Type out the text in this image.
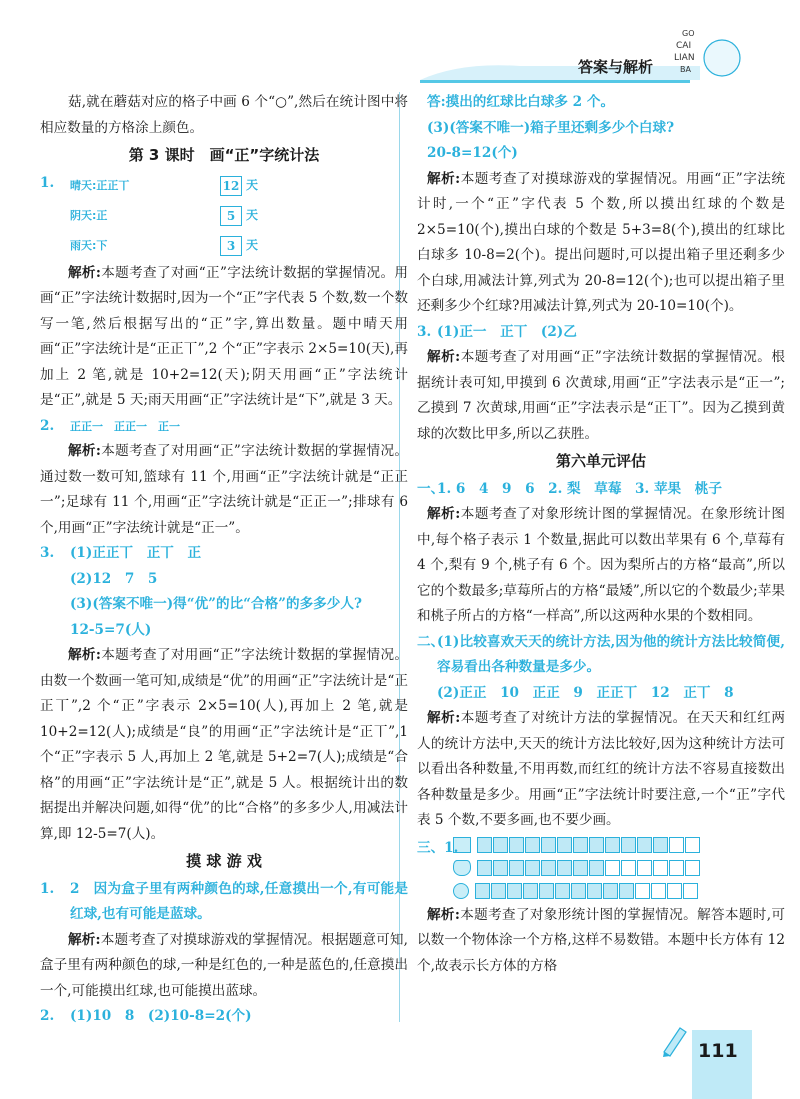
答案与解析
GO
CAI
LIAN
BA

菇,就在蘑菇对应的格子中画 6 个“○”,然后在统计图中将相应数量的方格涂上颜色。

第 3 课时　画“正”字统计法
1. 晴天:正正丅	12 天
阴天:正	5 天
雨天:下	3 天

解析:本题考查了对画“正”字法统计数据的掌握情况。用画“正”字法统计数据时,因为一个“正”字代表 5 个数,数一个数写一笔,然后根据写出的“正”字,算出数量。题中晴天用画“正”字法统计是“正正丅”,2 个“正”字表示 2×5=10(天),再加上 2 笔,就是 10+2=12(天);阴天用画“正”字法统计是“正”,就是 5 天;雨天用画“正”字法统计是“下”,就是 3 天。

2. 正正一　正正一　正一

解析:本题考查了对用画“正”字法统计数据的掌握情况。通过数一数可知,篮球有 11 个,用画“正”字法统计就是“正正一”;足球有 11 个,用画“正”字法统计就是“正正一”;排球有 6 个,用画“正”字法统计就是“正一”。

3. (1)正正丅　正丅　正

(2)12　7　5

(3)(答案不唯一)得“优”的比“合格”的多多少人?

12-5=7(人)

解析:本题考查了对用画“正”字法统计数据的掌握情况。由数一个数画一笔可知,成绩是“优”的用画“正”字法统计是“正正丅”,2 个“正”字表示 2×5=10(人),再加上 2 笔,就是 10+2=12(人);成绩是“良”的用画“正”字法统计是“正丅”,1 个“正”字表示 5 人,再加上 2 笔,就是 5+2=7(人);成绩是“合格”的用画“正”字法统计是“正”,就是 5 人。根据统计出的数据提出并解决问题,如得“优”的比“合格”的多多少人,用减法计算,即 12-5=7(人)。

摸 球 游 戏

1. 2　因为盒子里有两种颜色的球,任意摸出一个,有可能是红球,也有可能是蓝球。

解析:本题考查了对摸球游戏的掌握情况。根据题意可知,盒子里有两种颜色的球,一种是红色的,一种是蓝色的,任意摸出一个,可能摸出红球,也可能摸出蓝球。

2. (1)10　8　(2)10-8=2(个)

答:摸出的红球比白球多 2 个。

(3)(答案不唯一)箱子里还剩多少个白球?

20-8=12(个)

解析:本题考查了对摸球游戏的掌握情况。用画“正”字法统计时,一个“正”字代表 5 个数,所以摸出红球的个数是 2×5=10(个),摸出白球的个数是 5+3=8(个),摸出的红球比白球多 10-8=2(个)。提出问题时,可以提出箱子里还剩多少个白球,用减法计算,列式为 20-8=12(个);也可以提出箱子里还剩多少个红球?用减法计算,列式为 20-10=10(个)。

3. (1)正一　正丅　(2)乙

解析:本题考查了对用画“正”字法统计数据的掌握情况。根据统计表可知,甲摸到 6 次黄球,用画“正”字法表示是“正一”;乙摸到 7 次黄球,用画“正”字法表示是“正丅”。因为乙摸到黄球的次数比甲多,所以乙获胜。

第六单元评估

一、
1. 6　4　9　6　2. 梨　草莓　3. 苹果　桃子

解析:本题考查了对象形统计图的掌握情况。在象形统计图中,每个格子表示 1 个数量,据此可以数出苹果有 6 个,草莓有 4 个,梨有 9 个,桃子有 6 个。因为梨所占的方格“最高”,所以它的个数最多;草莓所占的方格“最矮”,所以它的个数最少;苹果和桃子所占的方格“一样高”,所以这两种水果的个数相同。

二、
(1)比较喜欢天天的统计方法,因为他的统计方法比较简便,容易看出各种数量是多少。

(2)正正　10　正正　9　正正丅　12　正丅　8

解析:本题考查了对统计方法的掌握情况。在天天和红红两人的统计方法中,天天的统计方法比较好,因为这种统计方法可以看出各种数量,不用再数,而红红的统计方法不容易直接数出各种数量是多少。用画“正”字法统计时要注意,一个“正”字代表 5 个数,不要多画,也不要少画。

三、1.

解析:本题考查了对象形统计图的掌握情况。解答本题时,可以数一个物体涂一个方格,这样不易数错。本题中长方体有 12 个,故表示长方体的方格

111
